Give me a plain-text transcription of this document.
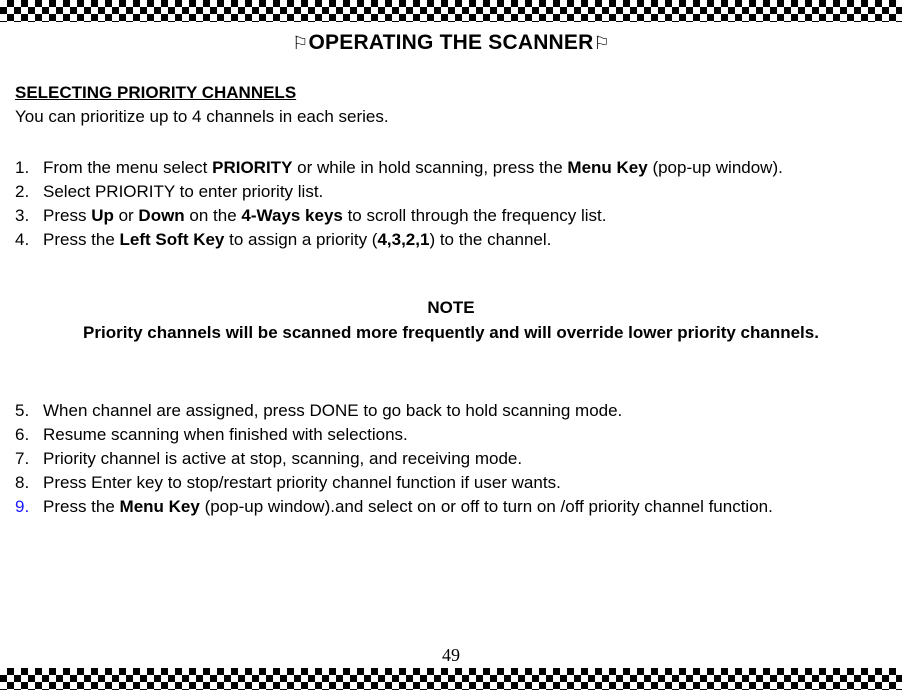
⚐OPERATING THE SCANNER⚐
SELECTING PRIORITY CHANNELS
You can prioritize up to 4 channels in each series.
1. From the menu select PRIORITY or while in hold scanning, press the Menu Key (pop-up window).
2. Select PRIORITY to enter priority list.
3. Press Up or Down on the 4-Ways keys to scroll through the frequency list.
4. Press the Left Soft Key to assign a priority (4,3,2,1) to the channel.
NOTE
Priority channels will be scanned more frequently and will override lower priority channels.
5. When channel are assigned, press DONE to go back to hold scanning mode.
6. Resume scanning when finished with selections.
7. Priority channel is active at stop, scanning, and receiving mode.
8. Press Enter key to stop/restart priority channel function if user wants.
9. Press the Menu Key (pop-up window).and select on or off to turn on /off priority channel function.
49
